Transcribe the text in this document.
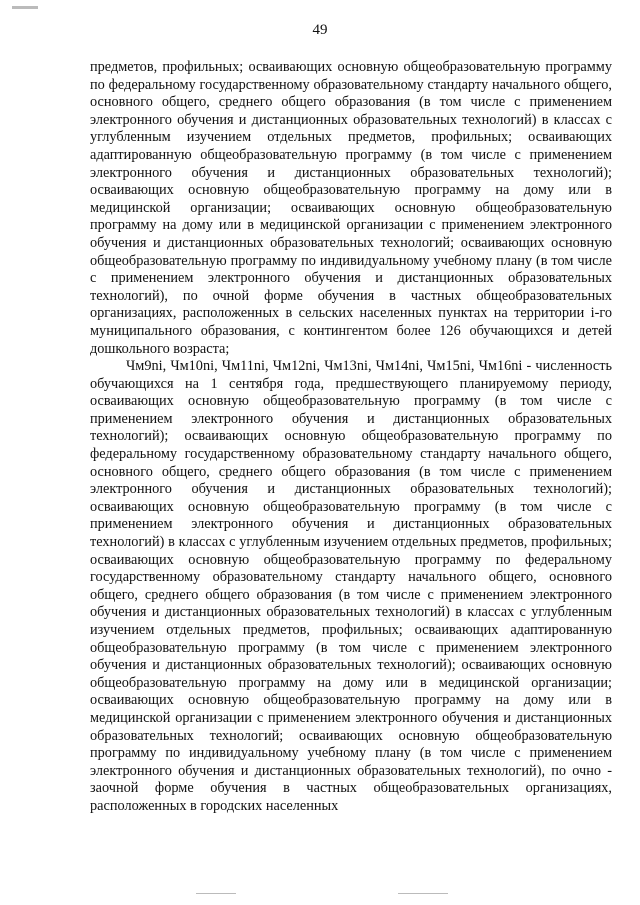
49

предметов, профильных; осваивающих основную общеобразовательную программу по федеральному государственному образовательному стандарту начального общего, основного общего, среднего общего образования (в том числе с применением электронного обучения и дистанционных образовательных технологий) в классах с углубленным изучением отдельных предметов, профильных; осваивающих адаптированную общеобразовательную программу (в том числе с применением электронного обучения и дистанционных образовательных технологий); осваивающих основную общеобразовательную программу на дому или в медицинской организации; осваивающих основную общеобразовательную программу на дому или в медицинской организации с применением электронного обучения и дистанционных образовательных технологий; осваивающих основную общеобразовательную программу по индивидуальному учебному плану (в том числе с применением электронного обучения и дистанционных образовательных технологий), по очной форме обучения в частных общеобразовательных организациях, расположенных в сельских населенных пунктах на территории i-го муниципального образования, с контингентом более 126 обучающихся и детей дошкольного возраста;

Чм9ni, Чм10ni, Чм11ni, Чм12ni, Чм13ni, Чм14ni, Чм15ni, Чм16ni - численность обучающихся на 1 сентября года, предшествующего планируемому периоду, осваивающих основную общеобразовательную программу (в том числе с применением электронного обучения и дистанционных образовательных технологий); осваивающих основную общеобразовательную программу по федеральному государственному образовательному стандарту начального общего, основного общего, среднего общего образования (в том числе с применением электронного обучения и дистанционных образовательных технологий); осваивающих основную общеобразовательную программу (в том числе с применением электронного обучения и дистанционных образовательных технологий) в классах с углубленным изучением отдельных предметов, профильных; осваивающих основную общеобразовательную программу по федеральному государственному образовательному стандарту начального общего, основного общего, среднего общего образования (в том числе с применением электронного обучения и дистанционных образовательных технологий) в классах с углубленным изучением отдельных предметов, профильных; осваивающих адаптированную общеобразовательную программу (в том числе с применением электронного обучения и дистанционных образовательных технологий); осваивающих основную общеобразовательную программу на дому или в медицинской организации; осваивающих основную общеобразовательную программу на дому или в медицинской организации с применением электронного обучения и дистанционных образовательных технологий; осваивающих основную общеобразовательную программу по индивидуальному учебному плану (в том числе с применением электронного обучения и дистанционных образовательных технологий), по очно - заочной форме обучения в частных общеобразовательных организациях, расположенных в городских населенных
